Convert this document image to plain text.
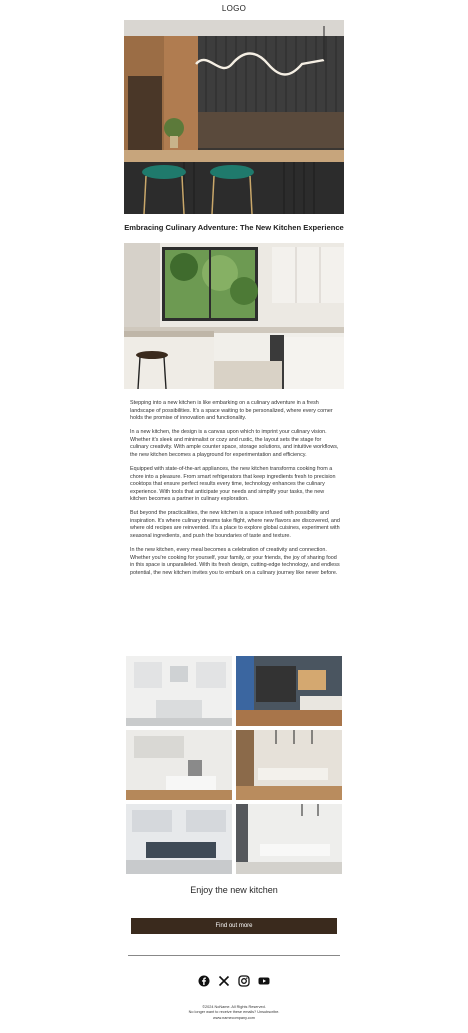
LOGO
Embracing Culinary Adventure: The New Kitchen Experience

Stepping into a new kitchen is like embarking on a culinary adventure in a fresh landscape of possibilities. It's a space waiting to be personalized, where every corner holds the promise of innovation and functionality.

In a new kitchen, the design is a canvas upon which to imprint your culinary vision. Whether it's sleek and minimalist or cozy and rustic, the layout sets the stage for culinary creativity. With ample counter space, storage solutions, and intuitive workflows, the new kitchen becomes a playground for experimentation and efficiency.

Equipped with state-of-the-art appliances, the new kitchen transforms cooking from a chore into a pleasure. From smart refrigerators that keep ingredients fresh to precision cooktops that ensure perfect results every time, technology enhances the culinary experience. With tools that anticipate your needs and simplify your tasks, the new kitchen becomes a partner in culinary exploration.

But beyond the practicalities, the new kitchen is a space infused with possibility and inspiration. It's where culinary dreams take flight, where new flavors are discovered, and where old recipes are reinvented. It's a place to explore global cuisines, experiment with seasonal ingredients, and push the boundaries of taste and texture.

In the new kitchen, every meal becomes a celebration of creativity and connection. Whether you're cooking for yourself, your family, or your friends, the joy of sharing food in this space is unparalleled. With its fresh design, cutting-edge technology, and endless potential, the new kitchen invites you to embark on a culinary journey like never before.

Enjoy the new kitchen
Find out more
©2024 NoName. All Rights Reserved.
No longer want to receive these emails? Unsubscribe.
www.namecompany.com
